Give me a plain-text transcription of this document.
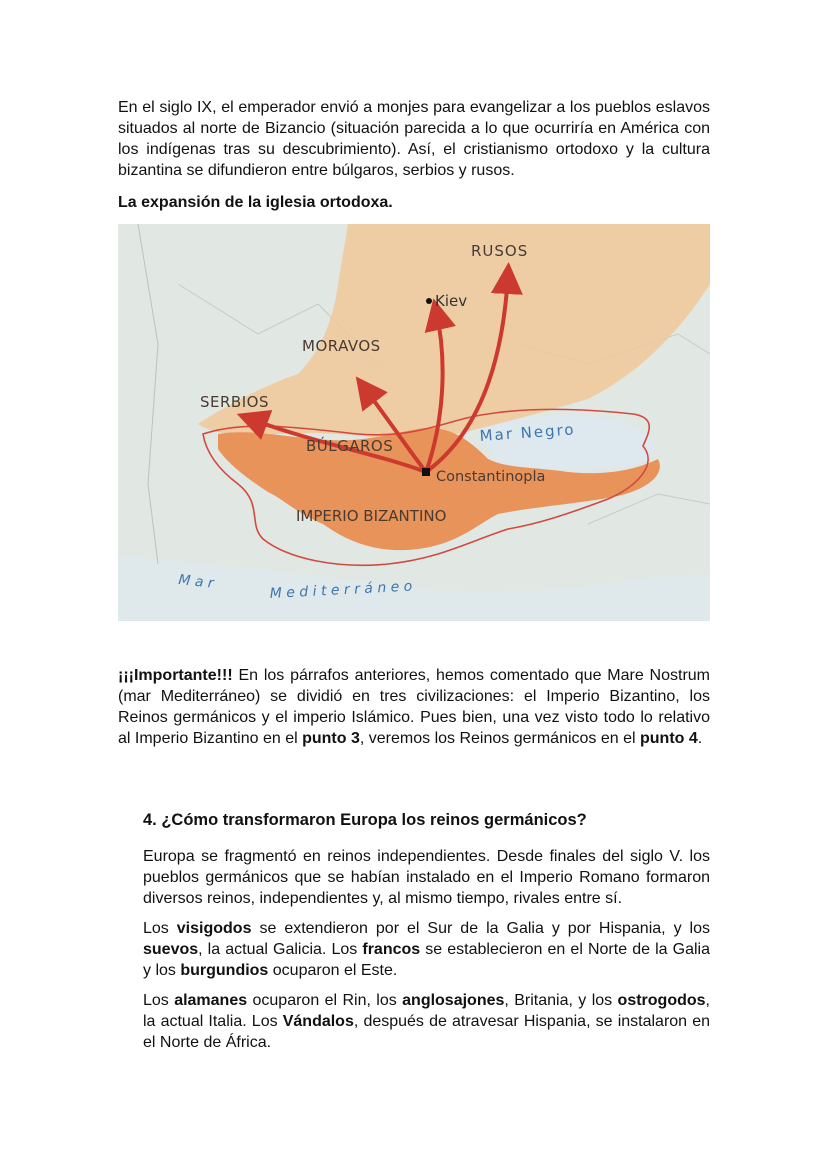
En el siglo IX, el emperador envió a monjes para evangelizar a los pueblos eslavos situados al norte de Bizancio (situación parecida a lo que ocurriría en América con los indígenas tras su descubrimiento). Así, el cristianismo ortodoxo y la cultura bizantina se difundieron entre búlgaros, serbios y rusos.
La expansión de la iglesia ortodoxa.
RUSOS
Kiev
MORAVOS
SERBIOS
BÚLGAROS
Mar Negro
Constantinopla
IMPERIO BIZANTINO
M a r	M e d i t e r r á n e o
¡¡¡Importante!!! En los párrafos anteriores, hemos comentado que Mare Nostrum (mar Mediterráneo) se dividió en tres civilizaciones: el Imperio Bizantino, los Reinos germánicos y el imperio Islámico. Pues bien, una vez visto todo lo relativo al Imperio Bizantino en el punto 3, veremos los Reinos germánicos en el punto 4.
4. ¿Cómo transformaron Europa los reinos germánicos?
Europa se fragmentó en reinos independientes. Desde finales del siglo V. los pueblos germánicos que se habían instalado en el Imperio Romano formaron diversos reinos, independientes y, al mismo tiempo, rivales entre sí.
Los visigodos se extendieron por el Sur de la Galia y por Hispania, y los suevos, la actual Galicia. Los francos se establecieron en el Norte de la Galia y los burgundios ocuparon el Este.
Los alamanes ocuparon el Rin, los anglosajones, Britania, y los ostrogodos, la actual Italia. Los Vándalos, después de atravesar Hispania, se instalaron en el Norte de África.
